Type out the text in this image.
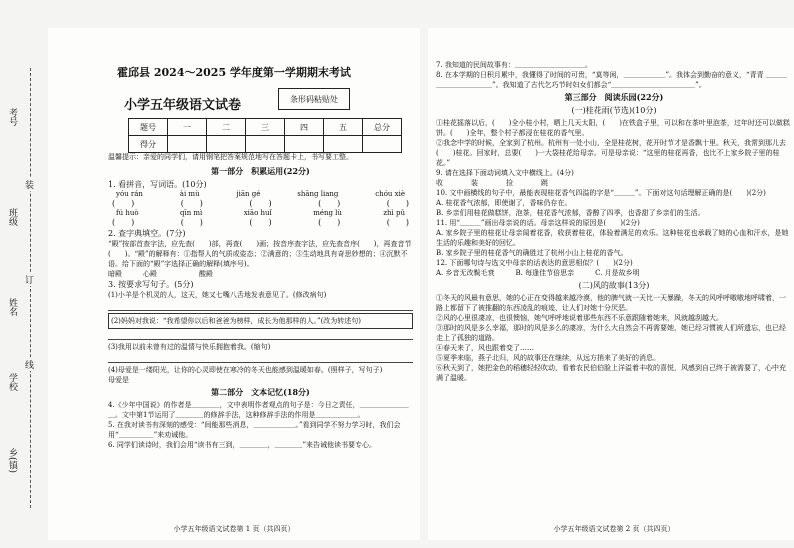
考号
班级
姓名
学校
乡(镇)
装
订
线
霍邱县 2024～2025 学年度第一学期期末考试
小学五年级语文试卷	条形码粘贴处
题号	一	二	三	四	五	总分
得分						
温馨提示：亲爱的同学们，请用钢笔把答案规范地写在答题卡上，书写要工整。
第一部分　积累运用(22分)
1. 看拼音，写词语。(10分)
yóu rán	ài mù	jiān gé	shāng liang	chóu xiè
(　　)	(　　)	(　　)	(　　)	(　　)
fú huò	qīn mì	xiāo huǐ	méng lù	zhì pǔ
(　　)	(　　)	(　　)	(　　)	(　　)
2. 查字典填空。(7分)
“殿”按部首查字法，应先查(　　)部，再查(　　)画；按音序查字法，应先查音序(　　)，再查音节(　　)。“殿”的解释有：①指帮人的气质或姿态；②满意的；③生动地具有奇思妙想的；④沉默不语。给下面的“殿”字选择正确的解释(填序号)。
暗殿　　　心殿　　　　　　酸殿
3. 按要求写句子。(5分)
(1)小羊是个机灵的人，这天，她又七嘴八舌地发表意见了。(修改病句)
(2)妈妈对我说：“我希望你以后和爸爸为榜样，成长为他那样的人。”(改为转述句)
(3)我用以前未曾有过的温情与快乐拥抱着我。(缩句)
(4)母爱是一缕阳光，让你的心灵即使在寒冷的冬天也能感到温暖如春。(照样子，写句子)
母爱是
第二部分　文本记忆(18分)
4.《少年中国说》的作者是＿＿＿＿，文中表明作者观点的句子是：今日之责任，＿＿＿＿＿＿＿＿。文中第1节运用了＿＿＿＿的修辞手法，这种修辞手法的作用是＿＿＿＿＿＿。
5. 在我对读书有深刻的感受：“间能那些消息，＿＿＿＿＿＿。”看到同学不努力学习时，我们会用“＿＿＿＿＿”来劝诫他。
6. 同学们读诗时，我们会用“读书有三到，＿＿＿＿，＿＿＿＿”来告诫他读书要专心。
小学五年级语文试卷第 1 页（共四页）
7. 我知道的民间故事有：＿＿＿＿＿＿＿＿＿＿。
8. 在本学期的日积月累中，我懂得了时间的可贵，“莫等闲，＿＿＿＿＿＿”。我体会到勤奋的意义，“青青 ＿＿＿＿＿＿＿＿＿＿＿”。我知道了古代乞巧节时妇女们都会“＿＿＿＿＿＿＿＿＿＿＿＿”。
第三部分　阅读乐园(22分)
(一)桂花雨(节选)(10分)
①桂花摇落以后，(　　)全小桂小村，晒上几天太阳，(　　)在铁盒子里，可以和在茶叶里泡茶，过年时还可以做糕饼。(　　)全年，整个村子都浸在桂花的香气里。
②我念中学的时候，全家到了杭州。杭州有一处小山，全是桂花树，花开时节才是香飘十里。秋天，我常到那儿去(　　)桂花。回家时，总要(　　)一大袋桂花给母亲。可是母亲说：“这里的桂花再香，也比不上家乡院子里的桂花。”
9. 请在选择下面动词填入文中横线上。(4分)
收　　　　装　　　　捡　　　　跳
10. 文中画横线的句子中，最能表现桂花香气四溢的字是“＿＿＿”。下面对这句话理解正确的是(　　)(2分)
A. 桂花香气浓郁，即使谢了，香味仍存在。
B. 乡亲们用桂花做糕饼，泡茶，桂花香气浓郁，香醇了四季，也香甜了乡亲们的生活。
11. 用“＿＿＿”画出母亲说的话。母亲这样说的原因是(　　)(2分)
A. 家乡院子里的桂花让母亲闻着花香，收获着桂花，体验着满足的欢乐。这种桂花也承载了她的心血和汗水，是她生活的乐趣和美好的回忆。
B. 家乡院子里的桂花香气的确胜过了杭州小山上桂花的香气。
12. 下面哪句诗与选文中母亲的话表达的意思相似？(　　)(2分)
A. 乡音无改鬓毛衰　　　B. 每逢佳节倍思亲　　　C. 月是故乡明
(二)风的故事(13分)
①冬天的风最有意思，她的心正在变得越来越冷漠，他的脾气就一天比一天暴躁，冬天的风呼呼嗷嗷地呼啸着，一路上都留下了被推翻的东西凌乱的痕迹，让人们对她十分厌恶。
②风的心里很凄凉，也很懊恼，她气呼呼地说着那些东西不乐意跟随着她来，风就越刮越大。
③那时的风是多么幸福，那时的风是多么的凄凉，为什么大自然会不再需要她，她已经习惯被人们所遗忘，也已经走上了孤独的道路。
④春天来了，风也跟着变了……
⑤夏季来临，燕子北归，风的故事还在继续，从远方捎来了美好的消息。
⑥秋天到了，她把金色的稻穗轻轻吹动，看着农民伯伯脸上洋溢着丰收的喜悦，风感到自己终于被需要了，心中充满了温暖。
小学五年级语文试卷第 2 页（共四页）
